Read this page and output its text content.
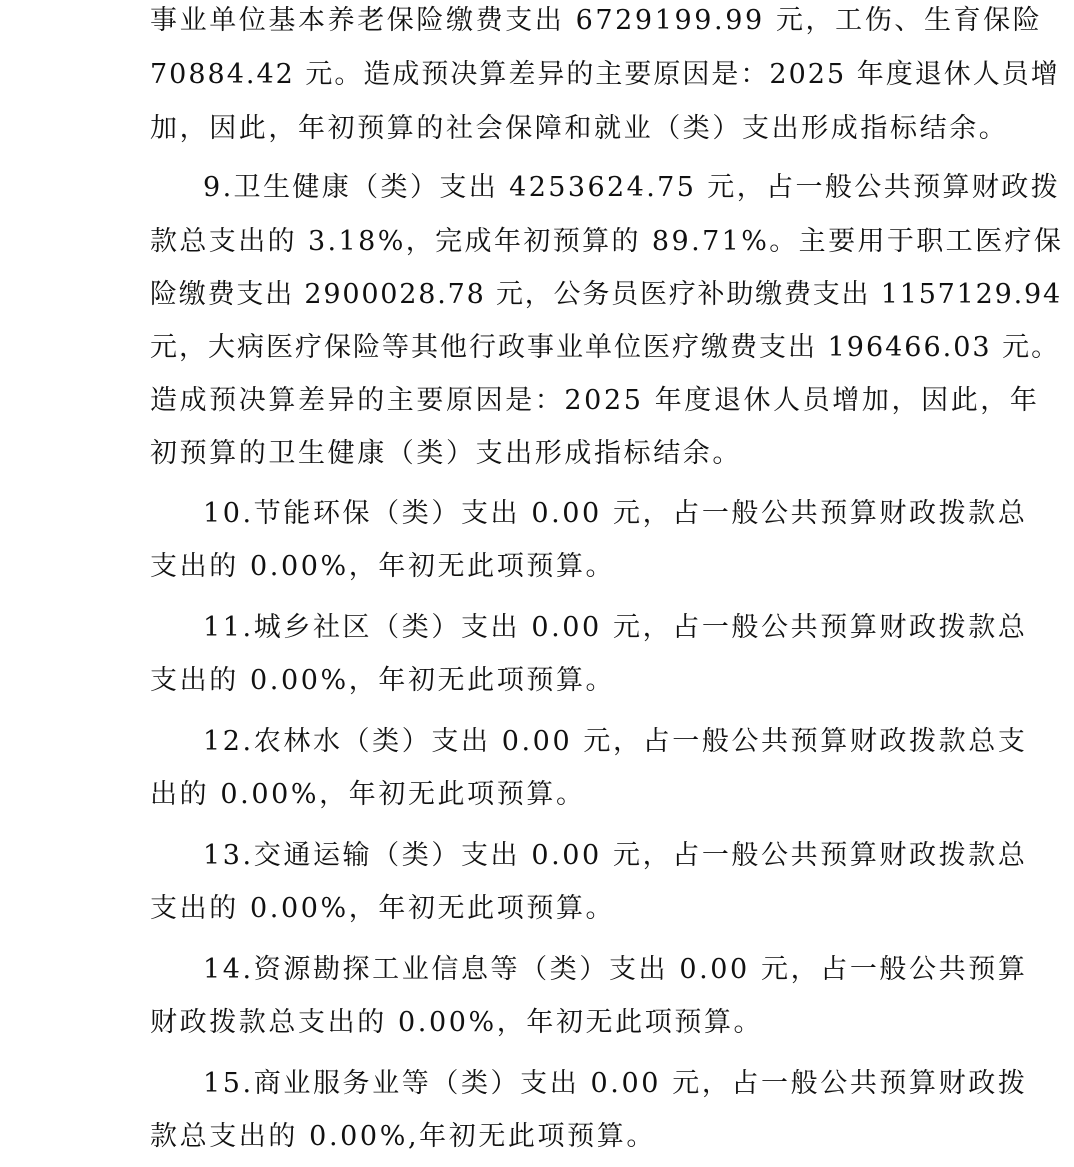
事业单位基本养老保险缴费支出 6729199.99 元，工伤、生育保险
70884.42 元。造成预决算差异的主要原因是：2025 年度退休人员增
加，因此，年初预算的社会保障和就业（类）支出形成指标结余。
9.卫生健康（类）支出 4253624.75 元，占一般公共预算财政拨
款总支出的 3.18%，完成年初预算的 89.71%。主要用于职工医疗保
险缴费支出 2900028.78 元，公务员医疗补助缴费支出 1157129.94
元，大病医疗保险等其他行政事业单位医疗缴费支出 196466.03 元。
造成预决算差异的主要原因是：2025 年度退休人员增加，因此，年
初预算的卫生健康（类）支出形成指标结余。
10.节能环保（类）支出 0.00 元，占一般公共预算财政拨款总
支出的 0.00%，年初无此项预算。
11.城乡社区（类）支出 0.00 元，占一般公共预算财政拨款总
支出的 0.00%，年初无此项预算。
12.农林水（类）支出 0.00 元，占一般公共预算财政拨款总支
出的 0.00%，年初无此项预算。
13.交通运输（类）支出 0.00 元，占一般公共预算财政拨款总
支出的 0.00%，年初无此项预算。
14.资源勘探工业信息等（类）支出 0.00 元，占一般公共预算
财政拨款总支出的 0.00%，年初无此项预算。
15.商业服务业等（类）支出 0.00 元，占一般公共预算财政拨
款总支出的 0.00%,年初无此项预算。
